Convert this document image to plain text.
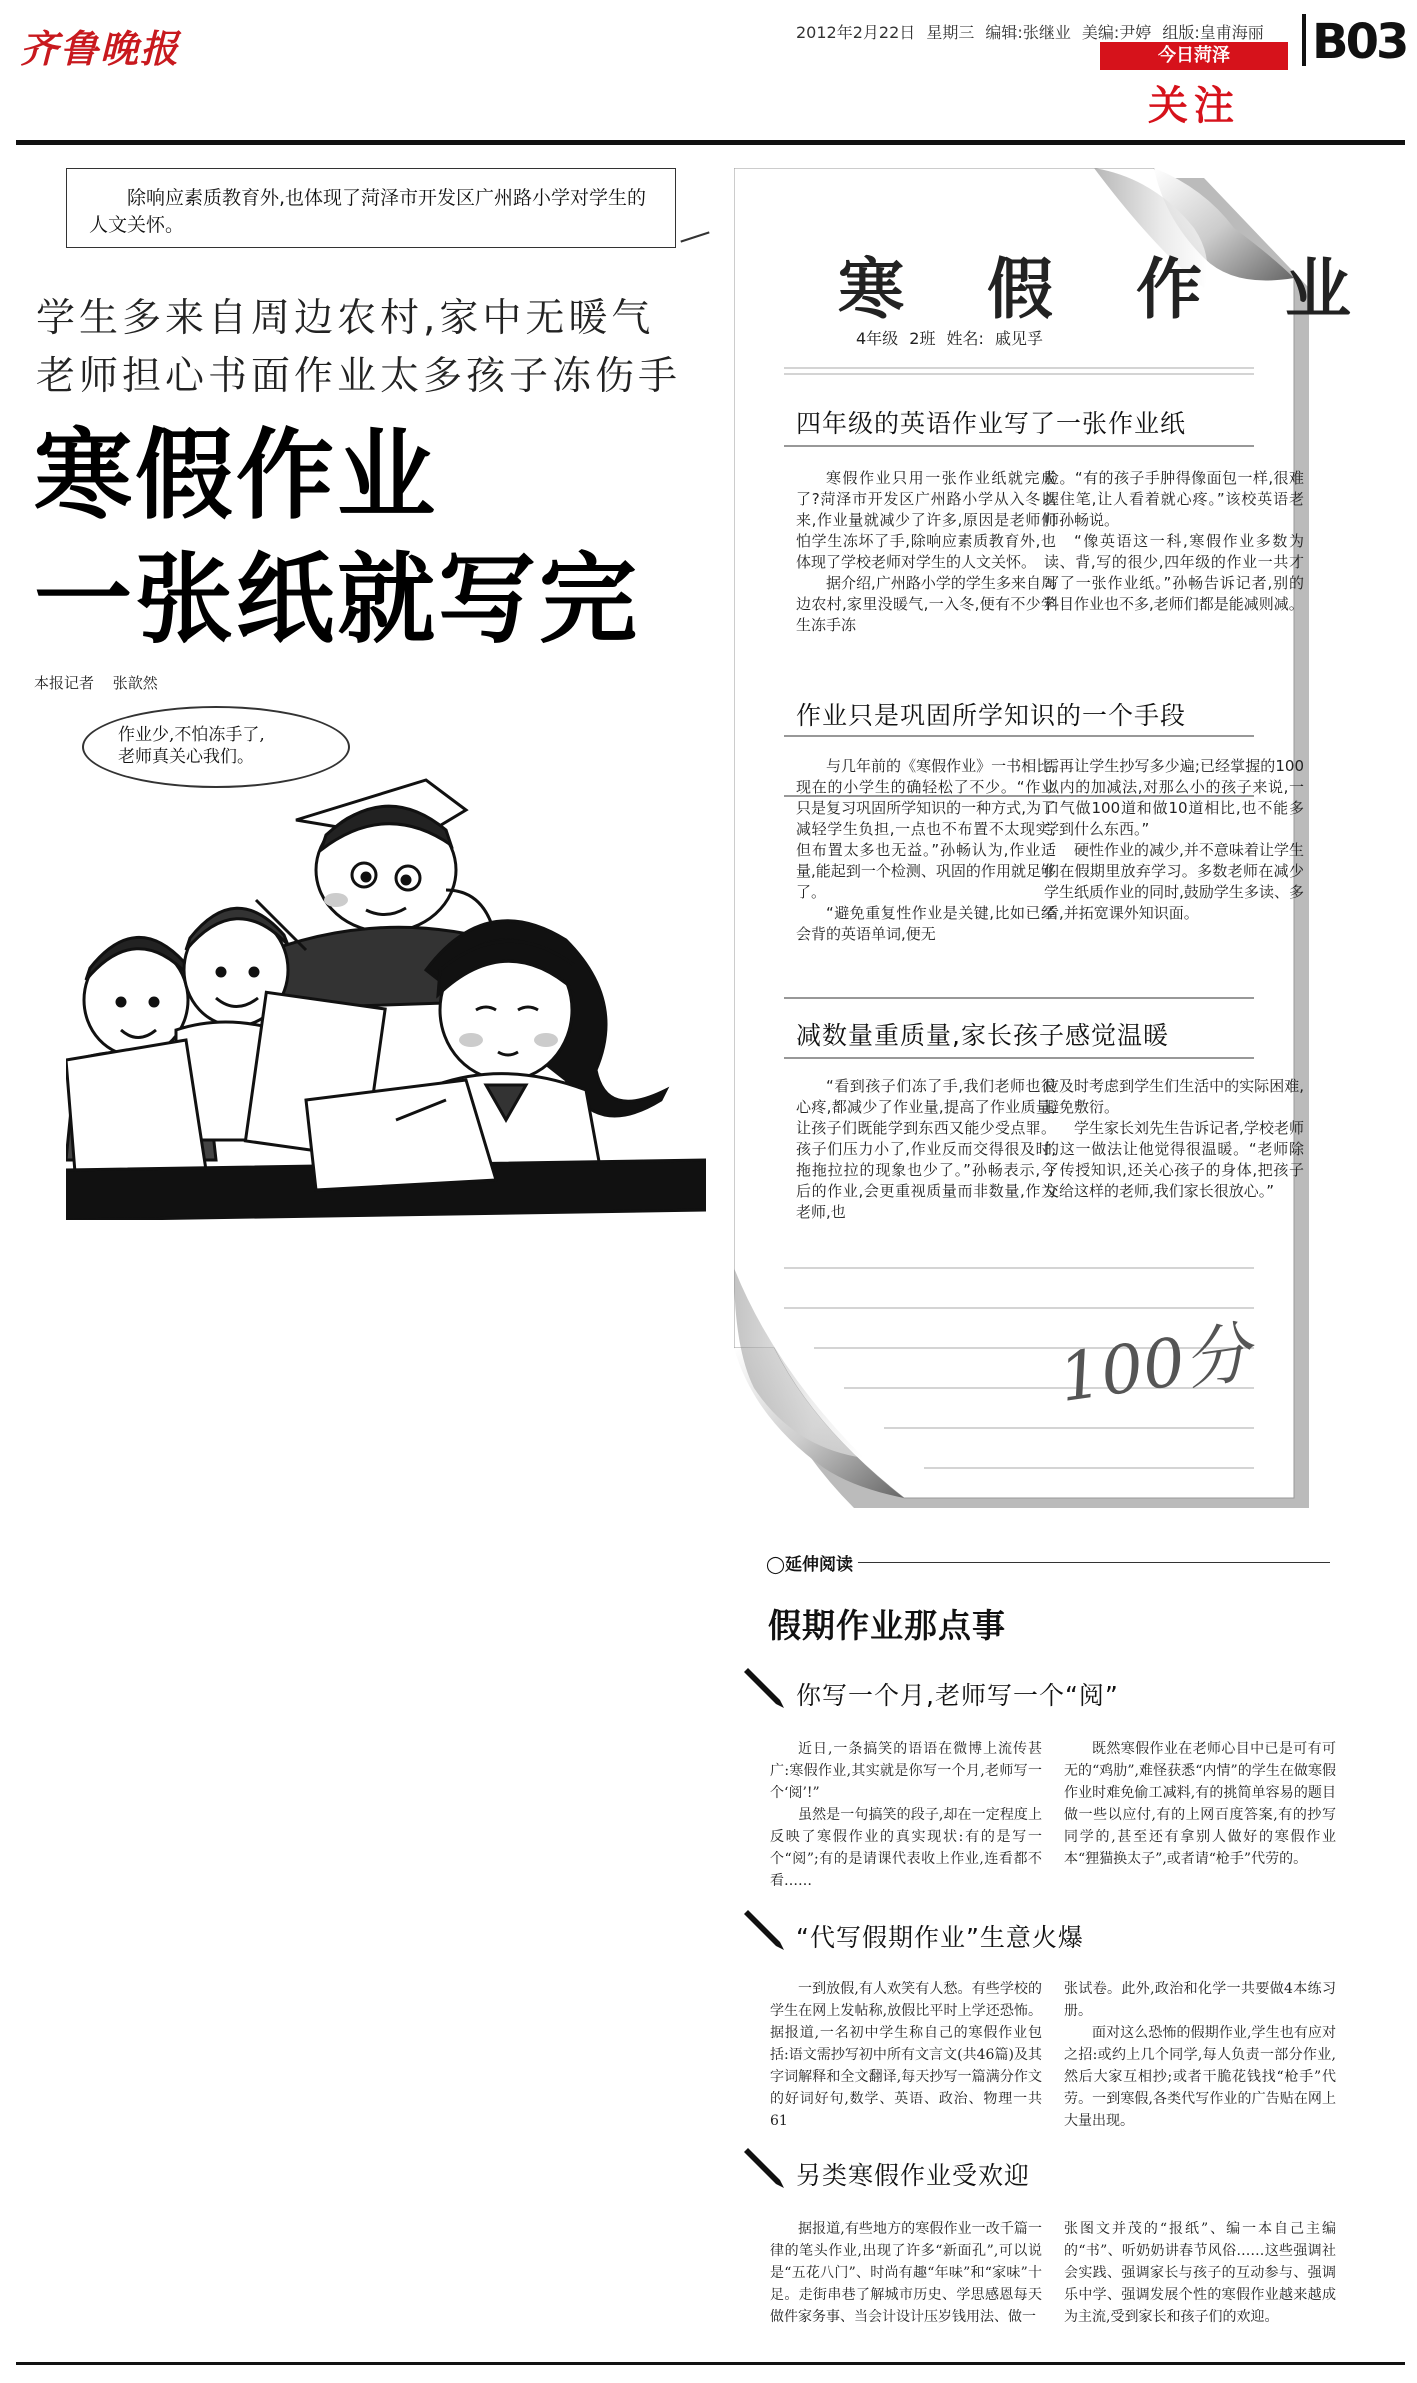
齐鲁晚报	2012年2月22日 星期三 编辑:张继业 美编:尹婷 组版:皇甫海丽
今日菏泽
关注
B03
除响应素质教育外,也体现了菏泽市开发区广州路小学对学生的人文关怀。
学生多来自周边农村,家中无暖气
老师担心书面作业太多孩子冻伤手
寒假作业
一张纸就写完
本报记者 张歆然
作业少,不怕冻手了,
老师真关心我们。
寒 假 作 业
4年级 2班 姓名: 戚见孚
四年级的英语作业写了一张作业纸

寒假作业只用一张作业纸就完成了?菏泽市开发区广州路小学从入冬以来,作业量就减少了许多,原因是老师们怕学生冻坏了手,除响应素质教育外,也体现了学校老师对学生的人文关怀。

据介绍,广州路小学的学生多来自周边农村,家里没暖气,一入冬,便有不少学生冻手冻

脸。“有的孩子手肿得像面包一样,很难握住笔,让人看着就心疼。”该校英语老师孙畅说。

“像英语这一科,寒假作业多数为读、背,写的很少,四年级的作业一共才写了一张作业纸。”孙畅告诉记者,别的科目作业也不多,老师们都是能减则减。

作业只是巩固所学知识的一个手段

与几年前的《寒假作业》一书相比,现在的小学生的确轻松了不少。“作业只是复习巩固所学知识的一种方式,为了减轻学生负担,一点也不布置不太现实,但布置太多也无益。”孙畅认为,作业适量,能起到一个检测、巩固的作用就足够了。

“避免重复性作业是关键,比如已经会背的英语单词,便无

需再让学生抄写多少遍;已经掌握的100以内的加减法,对那么小的孩子来说,一口气做100道和做10道相比,也不能多学到什么东西。”

硬性作业的减少,并不意味着让学生们在假期里放弃学习。多数老师在减少学生纸质作业的同时,鼓励学生多读、多看,并拓宽课外知识面。

减数量重质量,家长孩子感觉温暖

“看到孩子们冻了手,我们老师也很心疼,都减少了作业量,提高了作业质量,让孩子们既能学到东西又能少受点罪。孩子们压力小了,作业反而交得很及时,拖拖拉拉的现象也少了。”孙畅表示,今后的作业,会更重视质量而非数量,作为老师,也

应及时考虑到学生们生活中的实际困难,避免敷衍。

学生家长刘先生告诉记者,学校老师的这一做法让他觉得很温暖。“老师除了传授知识,还关心孩子的身体,把孩子交给这样的老师,我们家长很放心。”

100分
◯延伸阅读
假期作业那点事
你写一个月,老师写一个“阅”

近日,一条搞笑的语语在微博上流传甚广:寒假作业,其实就是你写一个月,老师写一个‘阅’!”

虽然是一句搞笑的段子,却在一定程度上反映了寒假作业的真实现状:有的是写一个“阅”;有的是请课代表收上作业,连看都不看……

既然寒假作业在老师心目中已是可有可无的“鸡肋”,难怪获悉“内情”的学生在做寒假作业时难免偷工减料,有的挑简单容易的题目做一些以应付,有的上网百度答案,有的抄写同学的,甚至还有拿别人做好的寒假作业本“狸猫换太子”,或者请“枪手”代劳的。

“代写假期作业”生意火爆

一到放假,有人欢笑有人愁。有些学校的学生在网上发帖称,放假比平时上学还恐怖。据报道,一名初中学生称自己的寒假作业包括:语文需抄写初中所有文言文(共46篇)及其字词解释和全文翻译,每天抄写一篇满分作文的好词好句,数学、英语、政治、物理一共61

张试卷。此外,政治和化学一共要做4本练习册。

面对这么恐怖的假期作业,学生也有应对之招:或约上几个同学,每人负责一部分作业,然后大家互相抄;或者干脆花钱找“枪手”代劳。一到寒假,各类代写作业的广告贴在网上大量出现。

另类寒假作业受欢迎

据报道,有些地方的寒假作业一改千篇一律的笔头作业,出现了许多“新面孔”,可以说是“五花八门”、时尚有趣“年味”和“家味”十足。走街串巷了解城市历史、学思感恩每天做件家务事、当会计设计压岁钱用法、做一

张图文并茂的“报纸”、编一本自己主编的“书”、听奶奶讲春节风俗……这些强调社会实践、强调家长与孩子的互动参与、强调乐中学、强调发展个性的寒假作业越来越成为主流,受到家长和孩子们的欢迎。
